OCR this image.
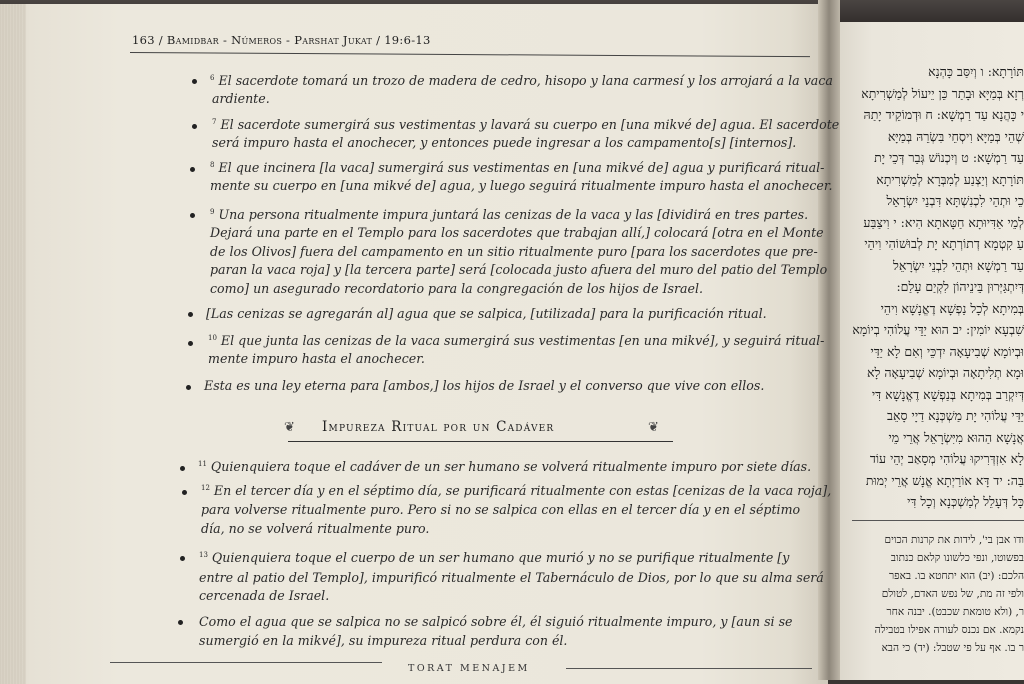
163 / Bamidbar - Números - Parshat Jukat / 19:6-13
$^6$ El sacerdote tomará un trozo de madera de cedro, hisopo y lana carmesí y los arrojará a la vaca
ardiente.
$^7$ El sacerdote sumergirá sus vestimentas y lavará su cuerpo en [una mikvé de] agua. El sacerdote
será impuro hasta el anochecer, y entonces puede ingresar a los campamento[s] [internos].
$^8$ El que incinera [la vaca] sumergirá sus vestimentas en [una mikvé de] agua y purificará ritual-
mente su cuerpo en [una mikvé de] agua, y luego seguirá ritualmente impuro hasta el anochecer.
$^9$ Una persona ritualmente impura juntará las cenizas de la vaca y las [dividirá en tres partes.
Dejará una parte en el Templo para los sacerdotes que trabajan allí,] colocará [otra en el Monte
de los Olivos] fuera del campamento en un sitio ritualmente puro [para los sacerdotes que pre-
paran la vaca roja] y [la tercera parte] será [colocada justo afuera del muro del patio del Templo
como] un asegurado recordatorio para la congregación de los hijos de Israel.
[Las cenizas se agregarán al] agua que se salpica, [utilizada] para la purificación ritual.
$^{10}$ El que junta las cenizas de la vaca sumergirá sus vestimentas [en una mikvé], y seguirá ritual-
mente impuro hasta el anochecer.
Esta es una ley eterna para [ambos,] los hijos de Israel y el converso que vive con ellos.
$^{11}$ Quienquiera toque el cadáver de un ser humano se volverá ritualmente impuro por siete días.
$^{12}$ En el tercer día y en el séptimo día, se purificará ritualmente con estas [cenizas de la vaca roja],
para volverse ritualmente puro. Pero si no se salpica con ellas en el tercer día y en el séptimo
día, no se volverá ritualmente puro.
$^{13}$ Quienquiera toque el cuerpo de un ser humano que murió y no se purifique ritualmente [y
entre al patio del Templo], impurificó ritualmente el Tabernáculo de Dios, por lo que su alma será
cercenada de Israel.
Como el agua que se salpica no se salpicó sobre él, él siguió ritualmente impuro, y [aun si se
sumergió en la mikvé], su impureza ritual perdura con él.
❦ Impureza Ritual por un Cadáver	❦
TORAT MENAJEM
תּוֹרָתָא: ו וְיִסַּב כָּהְנָא
רְזָא בְּמַיָּא וּבָתַר כֵּן יֵיעוֹל לְמַשְׁרִיתָא
י כָּהֲנָא עַד רַמְשָׁא: ח וּדְמוֹקֵיד יָתַהּ
שְׁהֵי בְּמַיָּא וִיסְחֵי בִּשְׂרֵהּ בְּמַיָּא
עַד רַמְשָׁא: ט וְיִכְנוֹשׁ גְּבַר דְּכֵי יָת
תּוֹרָתָא וְיַצְנַע לְמִבְּרָא לְמַשְׁרִיתָא
כֵי וּתְהֵי לִכְנִשְׁתָּא דִּבְנֵי יִשְׂרָאֵל
לְמֵי אַדִּיוּתָא חַטָּאתָא הִיא: י וִיצַבַּע
עַ קִטְמָא דְתוֹרְתָא יָת לְבוּשׁוֹהִי וִיהֵי
עַד רַמְשָׁא וּתְהֵי לִבְנֵי יִשְׂרָאֵל
דְּיִתְגַּיְּרוּן בֵּינֵיהוֹן לִקְיַם עָלַם:
בְּמִיתָא לְכָל נַפְשָׁא דֶאֱנָשָׁא וִיהֵי
שִׁבְעָא יוֹמִין: יב הוּא יַדֵּי עֲלוֹהִי בְיוֹמָא
וּבְיוֹמָא שְׁבִיעָאָה יִדְכֵּי וְאִם לָא יַדֵּי
וּמָא תְלִיתָאָה וּבְיוֹמָא שְׁבִיעָאָה לָא
דְּיִקְרַב בְּמִיתָא בְּנַפְשָׁא דֶאֱנָשָׁא דִּי
יַדֵּי עֲלוֹהִי יָת מַשְׁכְּנָא דַיָי סָאֵב
אֲנָשָׁא הַהוּא מִיִּשְׂרָאֵל אֲרֵי מֵי
לָא אִזְדְּרִיקוּ עֲלוֹהִי מְסָאַב יְהֵי עוֹד
בַּה: יד דָּא אוֹרַיְתָא אֱנָשׁ אֲרֵי יְמוּת
כָּל דְּעָלֵל לְמַשְׁכְּנָא וְכָל דִּי
ודו אבן בי', לידות את קרנות הכוים
בפשוטו, ונפי כלשונו קלאם כנתוב
הלכם: (יב) הוא יתחטא בו. באפר
ולפי זה מת, של נפש האדם, לטולם
ר, (ולא טומאת שכבט). יבנה אחר
נקמא. אם נכנס לעורה אפילו בטבילה
ר בו. אף על פי שטבל: (יד) כי הבא
